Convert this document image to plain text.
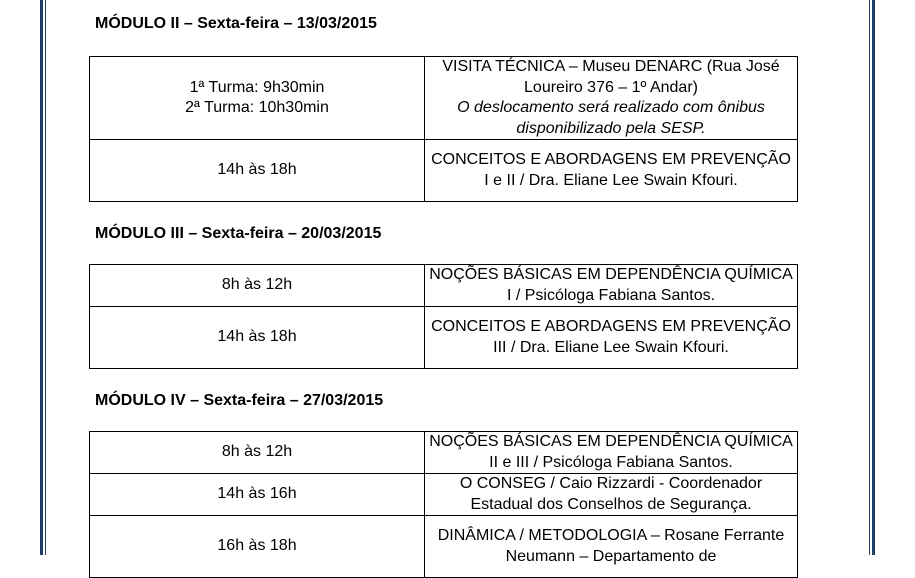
MÓDULO II – Sexta-feira – 13/03/2015
1ª Turma: 9h30min
2ª Turma: 10h30min	VISITA TÉCNICA – Museu DENARC (Rua José Loureiro 376 – 1º Andar)
O deslocamento será realizado com ônibus disponibilizado pela SESP.

14h às 18h	CONCEITOS E ABORDAGENS EM PREVENÇÃO I e II / Dra. Eliane Lee Swain Kfouri.
MÓDULO III – Sexta-feira – 20/03/2015
8h às 12h	NOÇÕES BÁSICAS EM DEPENDÊNCIA QUÍMICA I / Psicóloga Fabiana Santos.

14h às 18h	CONCEITOS E ABORDAGENS EM PREVENÇÃO III / Dra. Eliane Lee Swain Kfouri.
MÓDULO IV – Sexta-feira – 27/03/2015
8h às 12h	NOÇÕES BÁSICAS EM DEPENDÊNCIA QUÍMICA II e III / Psicóloga Fabiana Santos.

14h às 16h	O CONSEG / Caio Rizzardi - Coordenador Estadual dos Conselhos de Segurança.

16h às 18h	DINÂMICA / METODOLOGIA – Rosane Ferrante Neumann – Departamento de
